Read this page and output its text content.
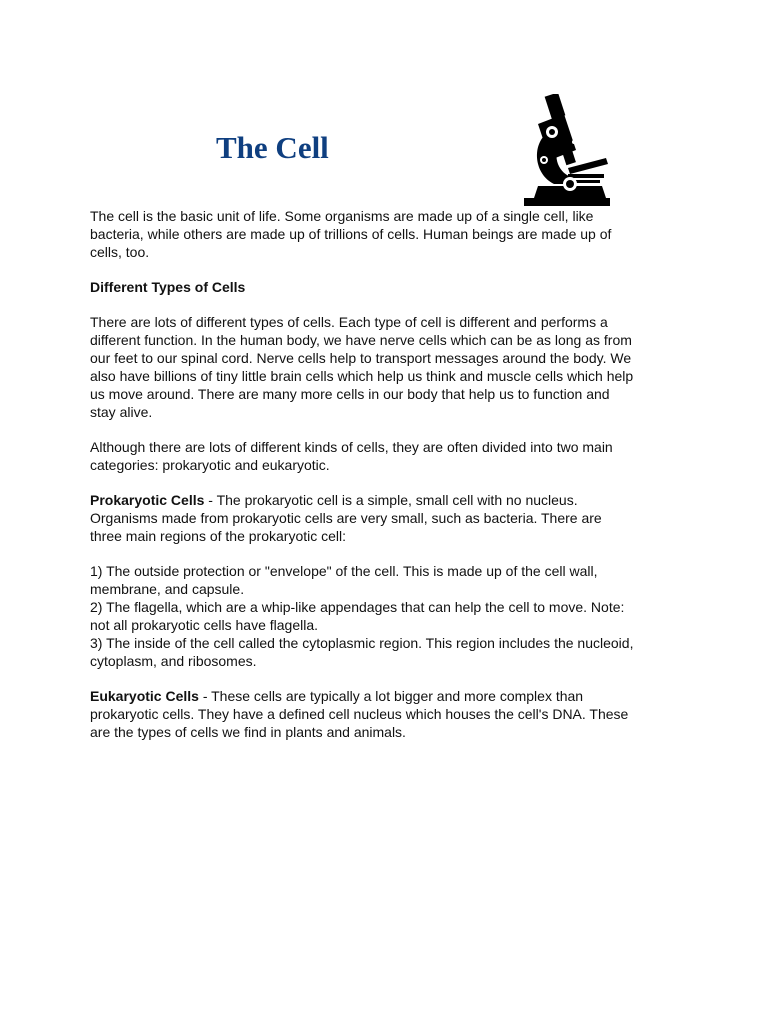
The Cell

The cell is the basic unit of life. Some organisms are made up of a single cell, like
bacteria, while others are made up of trillions of cells. Human beings are made up of
cells, too.

Different Types of Cells

There are lots of different types of cells. Each type of cell is different and performs a
different function. In the human body, we have nerve cells which can be as long as from
our feet to our spinal cord. Nerve cells help to transport messages around the body. We
also have billions of tiny little brain cells which help us think and muscle cells which help
us move around. There are many more cells in our body that help us to function and
stay alive.

Although there are lots of different kinds of cells, they are often divided into two main
categories: prokaryotic and eukaryotic.

Prokaryotic Cells - The prokaryotic cell is a simple, small cell with no nucleus.
Organisms made from prokaryotic cells are very small, such as bacteria. There are
three main regions of the prokaryotic cell:

1) The outside protection or "envelope" of the cell. This is made up of the cell wall,
membrane, and capsule.
2) The flagella, which are a whip-like appendages that can help the cell to move. Note:
not all prokaryotic cells have flagella.
3) The inside of the cell called the cytoplasmic region. This region includes the nucleoid,
cytoplasm, and ribosomes.

Eukaryotic Cells - These cells are typically a lot bigger and more complex than
prokaryotic cells. They have a defined cell nucleus which houses the cell's DNA. These
are the types of cells we find in plants and animals.
